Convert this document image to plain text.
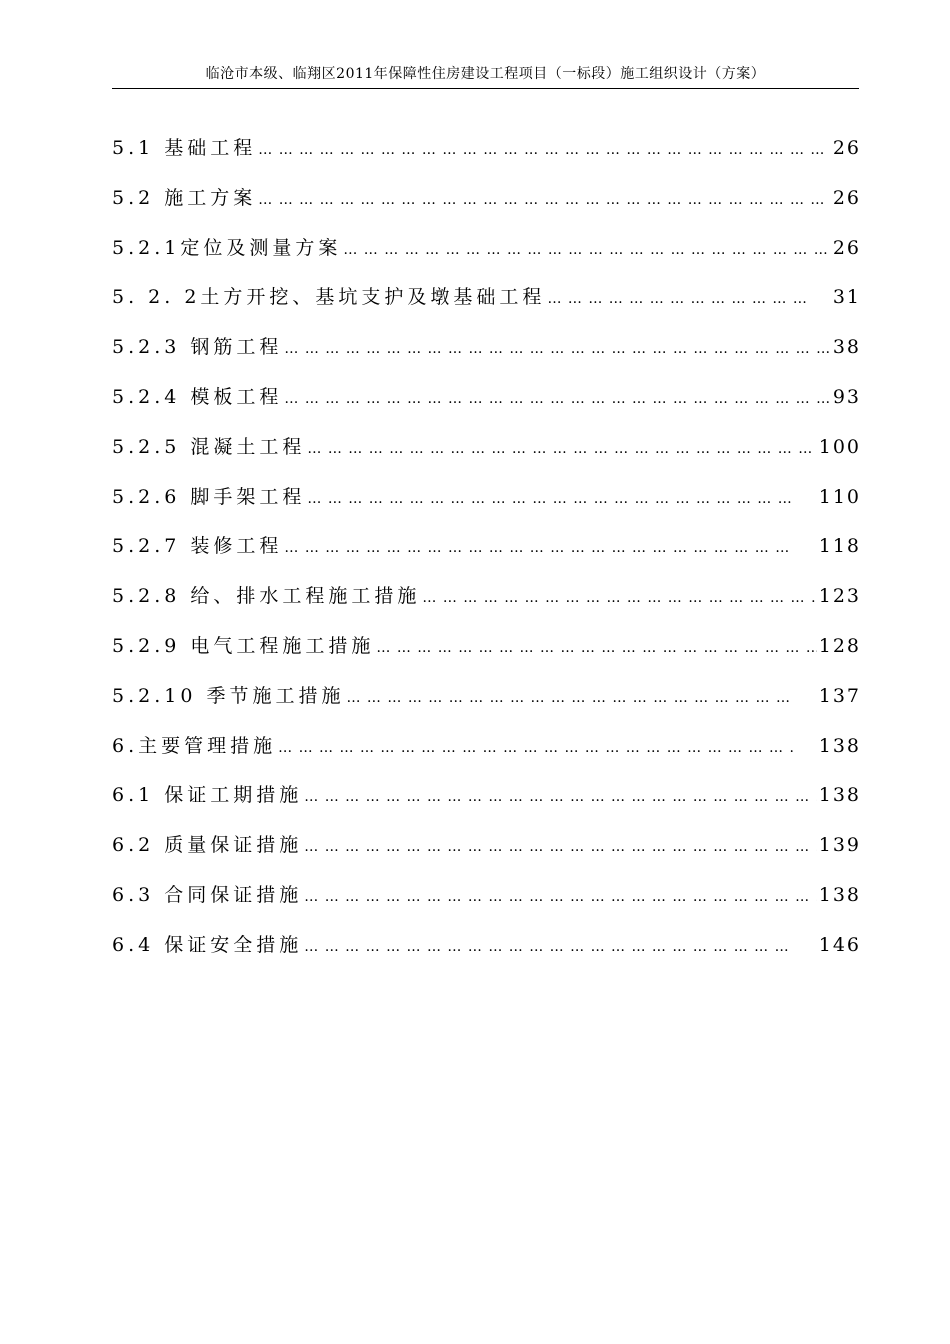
临沧市本级、临翔区2011年保障性住房建设工程项目（一标段）施工组织设计（方案）
5.1 基础工程 … … … … … … … … … … … … … … … … … … … … … … … … … … … … … … … … … … … … … … … … … … … … … … … … … … … … … … … … … … … … … … … … … … … …	26
5.2 施工方案 … … … … … … … … … … … … … … … … … … … … … … … … … … … … … … … … … … … … … … … … … … … … … … … … … … … … … … … … … … … … … … … … … … … …	26
5.2.1定位及测量方案 … … … … … … … … … … … … … … … … … … … … … … … … … … … … … … … … … … … … … … … … … … … … … … … … … … … … … … … … … … … … … … … … … … … …	26
5. 2. 2土方开挖、基坑支护及墩基础工程 … … … … … … … … … … … … … … … … … … … … … … … … … … … … … … … … … … … … … … … … … … … … … … … … … … … … … … … … … … … … … … … … … … … …	31
5.2.3 钢筋工程 … … … … … … … … … … … … … … … … … … … … … … … … … … … … … … … … … … … … … … … … … … … … … … … … … … … … … … … … … … … … … … … … … … … …	38
5.2.4 模板工程 … … … … … … … … … … … … … … … … … … … … … … … … … … … … … … … … … … … … … … … … … … … … … … … … … … … … … … … … … … … … … … … … … … … …	93
5.2.5 混凝土工程 … … … … … … … … … … … … … … … … … … … … … … … … … … … … … … … … … … … … … … … … … … … … … … … … … … … … … … … … … … … … … … … … … … … …	100
5.2.6 脚手架工程 … … … … … … … … … … … … … … … … … … … … … … … … … … … … … … … … … … … … … … … … … … … … … … … … … … … … … … … … … … … … … … … … … … … …	110
5.2.7 装修工程 … … … … … … … … … … … … … … … … … … … … … … … … … … … … … … … … … … … … … … … … … … … … … … … … … … … … … … … … … … … … … … … … … … … …	118
5.2.8 给、排水工程施工措施 … … … … … … … … … … … … … … … … … … … … … … … … … … … … … … … … … … … … … … … … … … … … … … … … … … … … … … … … … … … … … … … … … … … …	123
5.2.9 电气工程施工措施 … … … … … … … … … … … … … … … … … … … … … … … … … … … … … … … … … … … … … … … … … … … … … … … … … … … … … … … … … … … … … … … … … … … …	128
5.2.10 季节施工措施 … … … … … … … … … … … … … … … … … … … … … … … … … … … … … … … … … … … … … … … … … … … … … … … … … … … … … … … … … … … … … … … … … … … …	137
6.主要管理措施 … … … … … … … … … … … … … … … … … … … … … … … … … … … … … … … … … … … … … … … … … … … … … … … … … … … … … … … … … … … … … … … … … … … …	138
6.1 保证工期措施 … … … … … … … … … … … … … … … … … … … … … … … … … … … … … … … … … … … … … … … … … … … … … … … … … … … … … … … … … … … … … … … … … … … …	138
6.2 质量保证措施 … … … … … … … … … … … … … … … … … … … … … … … … … … … … … … … … … … … … … … … … … … … … … … … … … … … … … … … … … … … … … … … … … … … …	139
6.3 合同保证措施 … … … … … … … … … … … … … … … … … … … … … … … … … … … … … … … … … … … … … … … … … … … … … … … … … … … … … … … … … … … … … … … … … … … …	138
6.4 保证安全措施 … … … … … … … … … … … … … … … … … … … … … … … … … … … … … … … … … … … … … … … … … … … … … … … … … … … … … … … … … … … … … … … … … … … …	146
